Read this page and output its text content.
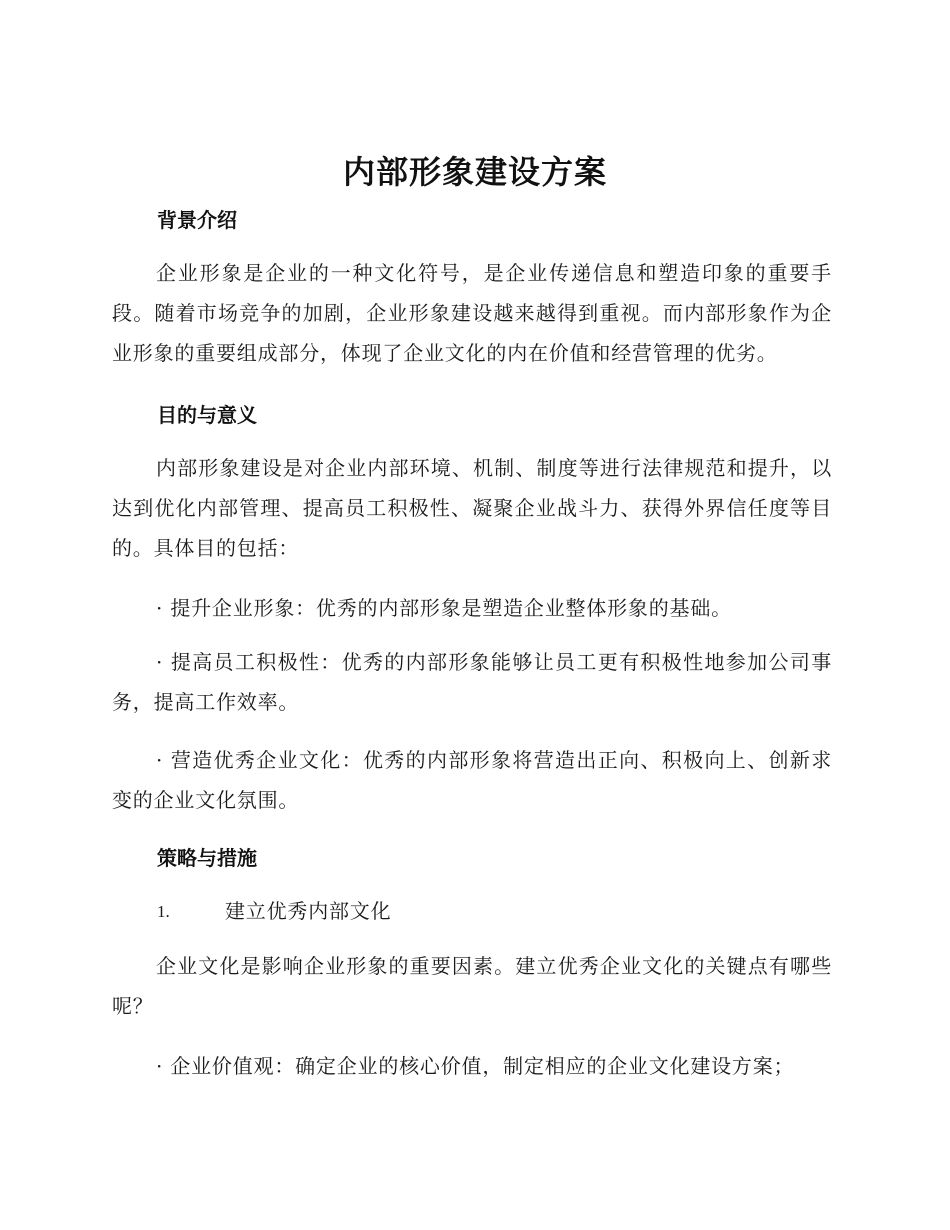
内部形象建设方案
背景介绍
企业形象是企业的一种文化符号，是企业传递信息和塑造印象的重要手段。随着市场竞争的加剧，企业形象建设越来越得到重视。而内部形象作为企业形象的重要组成部分，体现了企业文化的内在价值和经营管理的优劣。
目的与意义
内部形象建设是对企业内部环境、机制、制度等进行法律规范和提升，以达到优化内部管理、提高员工积极性、凝聚企业战斗力、获得外界信任度等目的。具体目的包括：
· 提升企业形象：优秀的内部形象是塑造企业整体形象的基础。
· 提高员工积极性：优秀的内部形象能够让员工更有积极性地参加公司事务，提高工作效率。
· 营造优秀企业文化：优秀的内部形象将营造出正向、积极向上、创新求变的企业文化氛围。
策略与措施
1.	建立优秀内部文化
企业文化是影响企业形象的重要因素。建立优秀企业文化的关键点有哪些呢？
· 企业价值观：确定企业的核心价值，制定相应的企业文化建设方案；
